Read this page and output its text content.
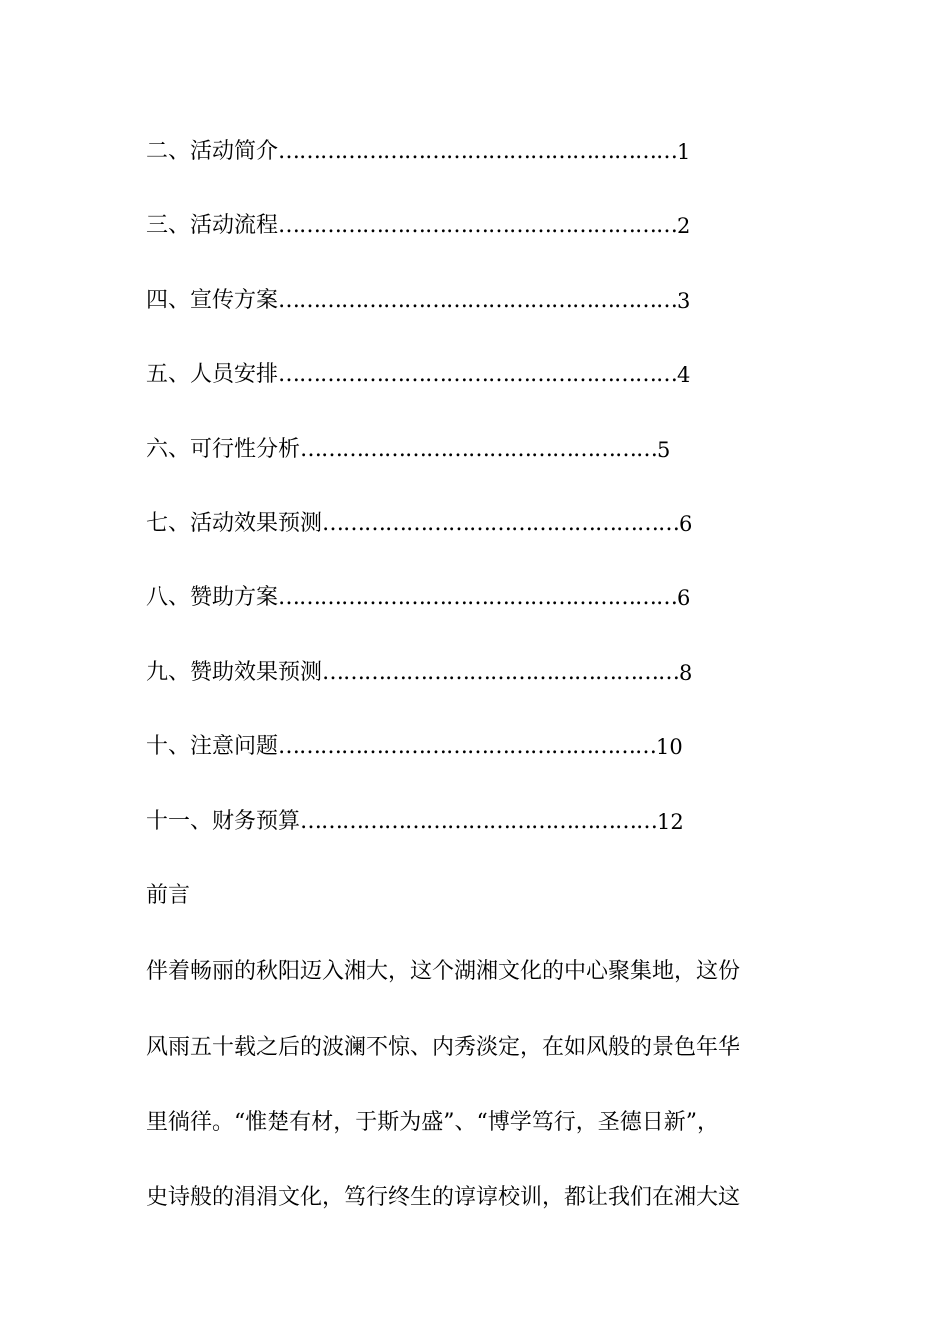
二、活动简介…………………………………………………1
三、活动流程…………………………………………………2
四、宣传方案…………………………………………………3
五、人员安排…………………………………………………4
六、可行性分析……………………………………………5
七、活动效果预测……………………………………………6
八、赞助方案…………………………………………………6
九、赞助效果预测……………………………………………8
十、注意问题………………………………………………10
十一、财务预算……………………………………………12
前言
伴着畅丽的秋阳迈入湘大，这个湖湘文化的中心聚集地，这份
风雨五十载之后的波澜不惊、内秀淡定，在如风般的景色年华
里徜徉。“惟楚有材，于斯为盛”、“博学笃行，圣德日新”，
史诗般的涓涓文化，笃行终生的谆谆校训，都让我们在湘大这
